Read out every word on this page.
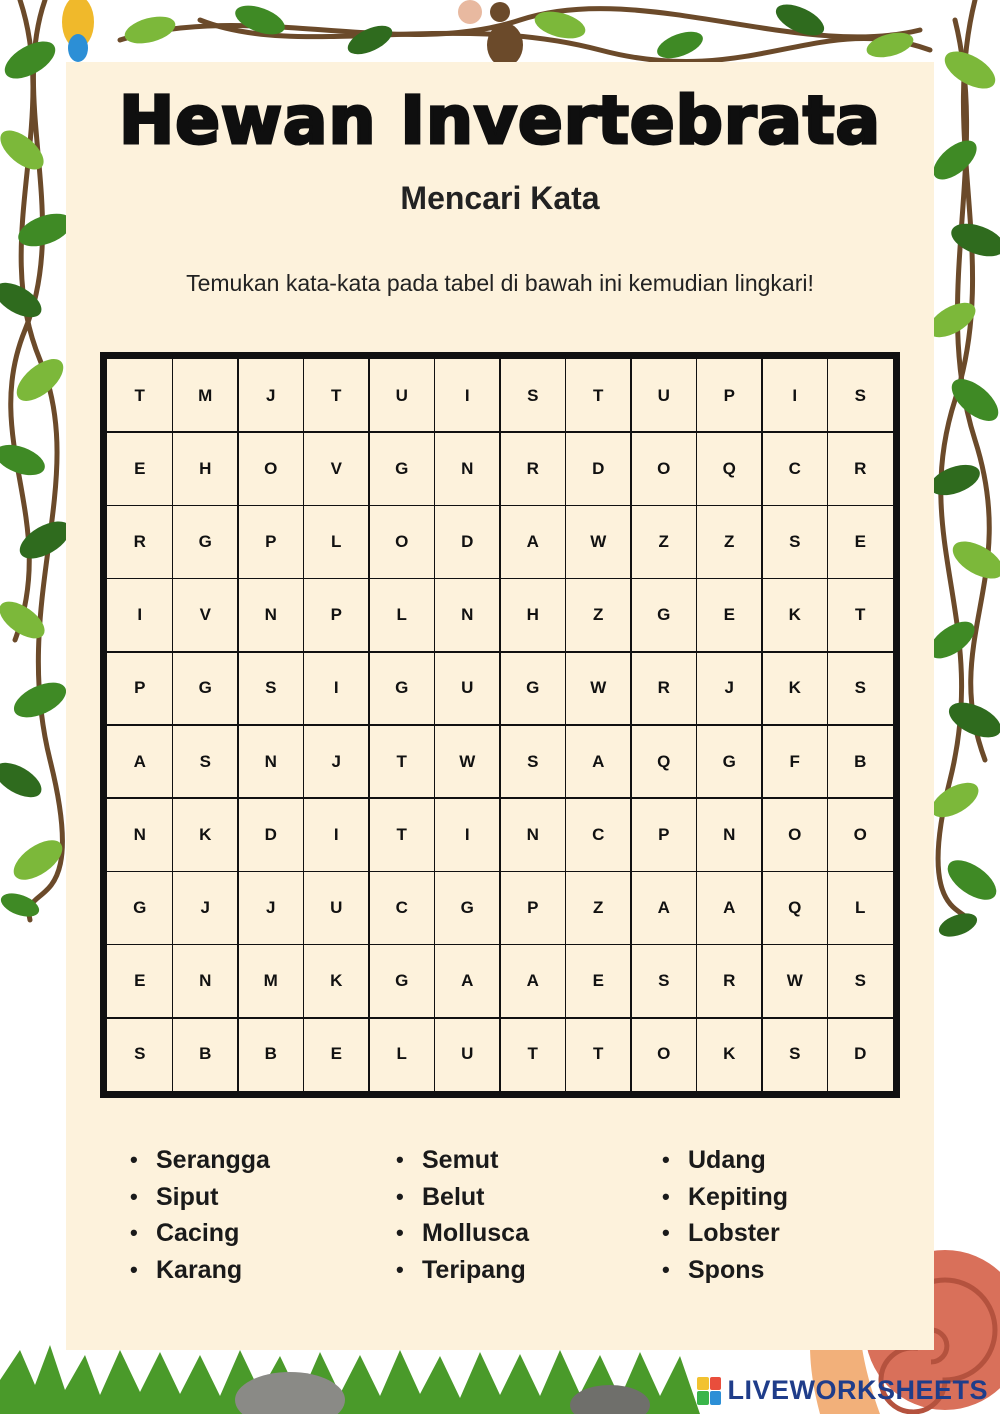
Hewan Invertebrata
Mencari Kata
Temukan kata-kata pada tabel di bawah ini kemudian lingkari!
T	M	J	T	U	I	S	T	U	P	I	S
E	H	O	V	G	N	R	D	O	Q	C	R
R	G	P	L	O	D	A	W	Z	Z	S	E
I	V	N	P	L	N	H	Z	G	E	K	T
P	G	S	I	G	U	G	W	R	J	K	S
A	S	N	J	T	W	S	A	Q	G	F	B
N	K	D	I	T	I	N	C	P	N	O	O
G	J	J	U	C	G	P	Z	A	A	Q	L
E	N	M	K	G	A	A	E	S	R	W	S
S	B	B	E	L	U	T	T	O	K	S	D
• Serangga
• Siput
• Cacing
• Karang
• Semut
• Belut
• Mollusca
• Teripang
• Udang
• Kepiting
• Lobster
• Spons
LIVEWORKSHEETS
